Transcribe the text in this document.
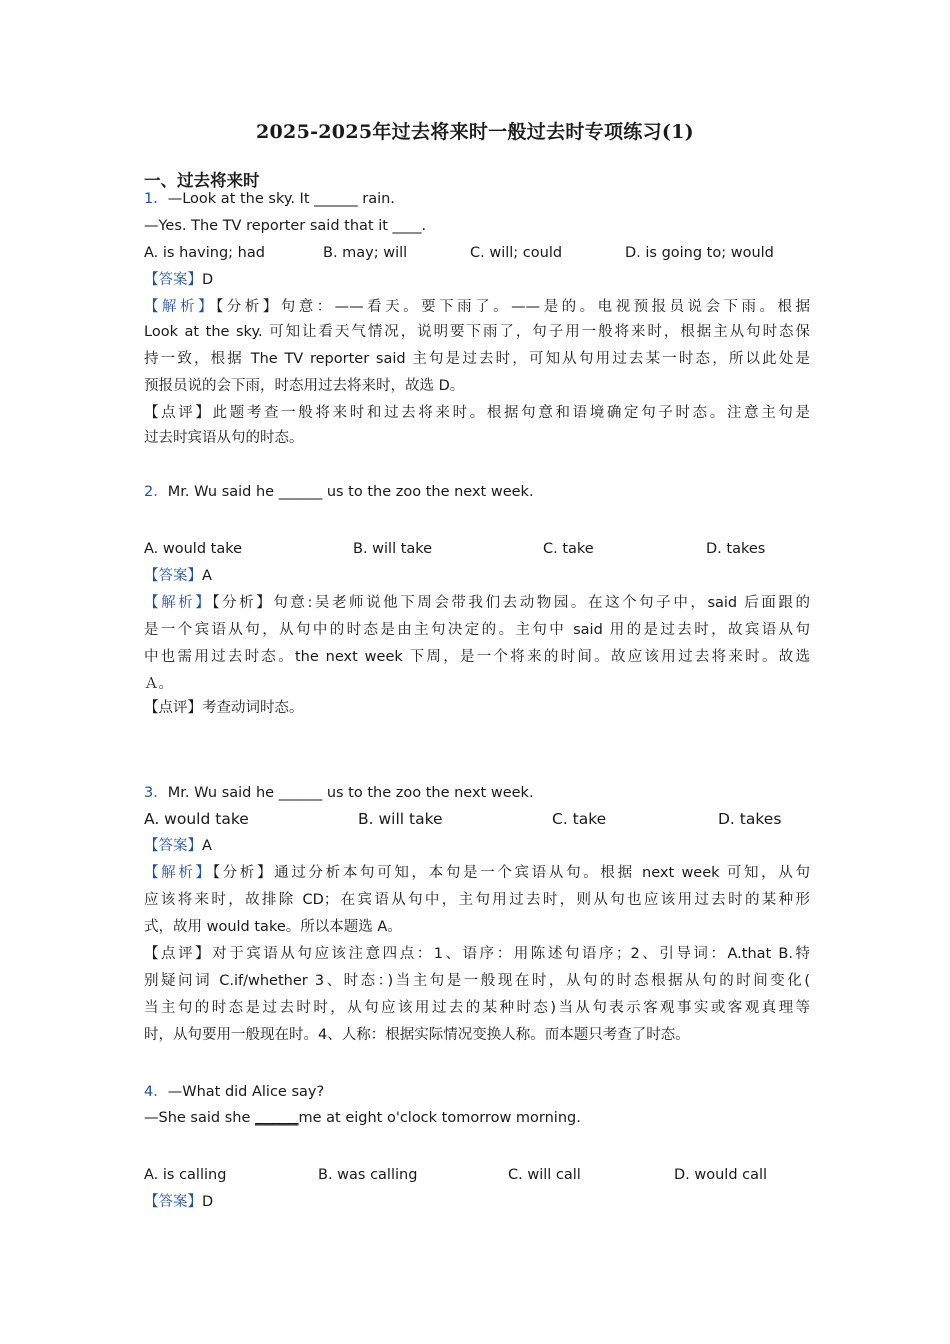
2025-2025年过去将来时一般过去时专项练习(1)
一、过去将来时
1．—Look at the sky. It ______ rain.
—Yes. The TV reporter said that it ____.
A. is having; had	B. may; will	C. will; could	D. is going to; would
【答案】D
【解析】【分析】句意：——看天。要下雨了。——是的。电视预报员说会下雨。根据
Look at the sky. 可知让看天气情况，说明要下雨了，句子用一般将来时，根据主从句时态保
持一致，根据 The TV reporter said 主句是过去时，可知从句用过去某一时态，所以此处是
预报员说的会下雨，时态用过去将来时，故选 D。
【点评】此题考查一般将来时和过去将来时。根据句意和语境确定句子时态。注意主句是
过去时宾语从句的时态。
2．Mr. Wu said he ______ us to the zoo the next week.
A. would take	B. will take	C. take	D. takes
【答案】A
【解析】【分析】句意:吴老师说他下周会带我们去动物园。在这个句子中，said 后面跟的
是一个宾语从句，从句中的时态是由主句决定的。主句中 said 用的是过去时，故宾语从句
中也需用过去时态。the next week 下周，是一个将来的时间。故应该用过去将来时。故选
Ａ。
【点评】考查动词时态。
3．Mr. Wu said he ______ us to the zoo the next week.
A. would take	B. will take	C. take	D. takes
【答案】A
【解析】【分析】通过分析本句可知，本句是一个宾语从句。根据 next week 可知，从句
应该将来时，故排除 CD；在宾语从句中，主句用过去时，则从句也应该用过去时的某种形
式，故用 would take。所以本题选 A。
【点评】对于宾语从句应该注意四点：1、语序：用陈述句语序；2、引导词：A.that B.特
别疑问词 C.if/whether 3、时态：)当主句是一般现在时，从句的时态根据从句的时间变化(
当主句的时态是过去时时，从句应该用过去的某种时态)当从句表示客观事实或客观真理等
时，从句要用一般现在时。4、人称：根据实际情况变换人称。而本题只考查了时态。
4．—What did Alice say?
—She said she ______me at eight o'clock tomorrow morning.
A. is calling	B. was calling	C. will call	D. would call
【答案】D
